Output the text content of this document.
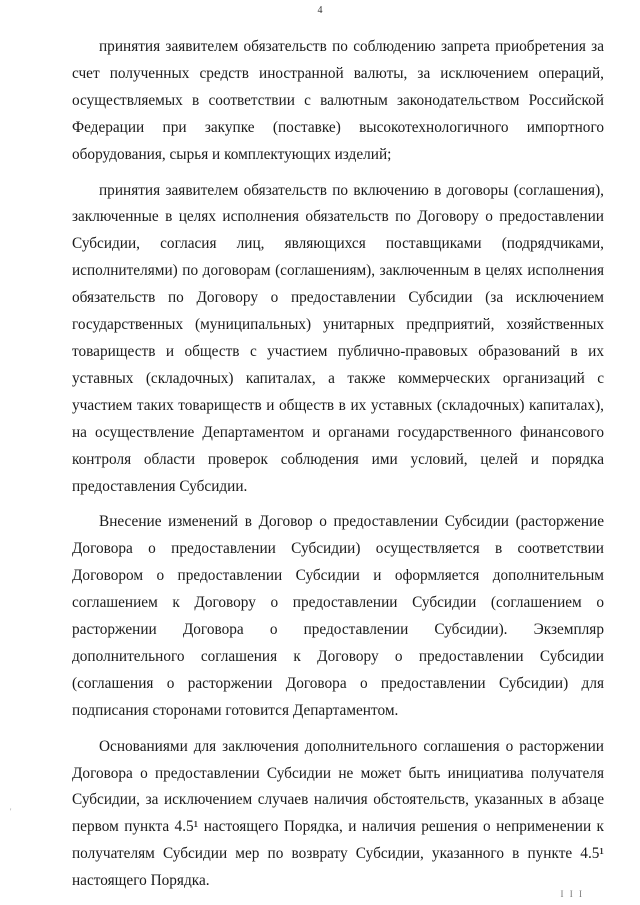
4

принятия заявителем обязательств по соблюдению запрета приобретения за счет полученных средств иностранной валюты, за исключением операций, осуществляемых в соответствии с валютным законодательством Российской Федерации при закупке (поставке) высокотехнологичного импортного оборудования, сырья и комплектующих изделий;

принятия заявителем обязательств по включению в договоры (соглашения), заключенные в целях исполнения обязательств по Договору о предоставлении Субсидии, согласия лиц, являющихся поставщиками (подрядчиками, исполнителями) по договорам (соглашениям), заключенным в целях исполнения обязательств по Договору о предоставлении Субсидии (за исключением государственных (муниципальных) унитарных предприятий, хозяйственных товариществ и обществ с участием публично-правовых образований в их уставных (складочных) капиталах, а также коммерческих организаций с участием таких товариществ и обществ в их уставных (складочных) капиталах), на осуществление Департаментом и органами государственного финансового контроля области проверок соблюдения ими условий, целей и порядка предоставления Субсидии.

Внесение изменений в Договор о предоставлении Субсидии (расторжение Договора о предоставлении Субсидии) осуществляется в соответствии Договором о предоставлении Субсидии и оформляется дополнительным соглашением к Договору о предоставлении Субсидии (соглашением о расторжении Договора о предоставлении Субсидии). Экземпляр дополнительного соглашения к Договору о предоставлении Субсидии (соглашения о расторжении Договора о предоставлении Субсидии) для подписания сторонами готовится Департаментом.

Основаниями для заключения дополнительного соглашения о расторжении Договора о предоставлении Субсидии не может быть инициатива получателя Субсидии, за исключением случаев наличия обстоятельств, указанных в абзаце первом пункта 4.5¹ настоящего Порядка, и наличия решения о неприменении к получателям Субсидии мер по возврату Субсидии, указанного в пункте 4.5¹ настоящего Порядка.

'
I I I
